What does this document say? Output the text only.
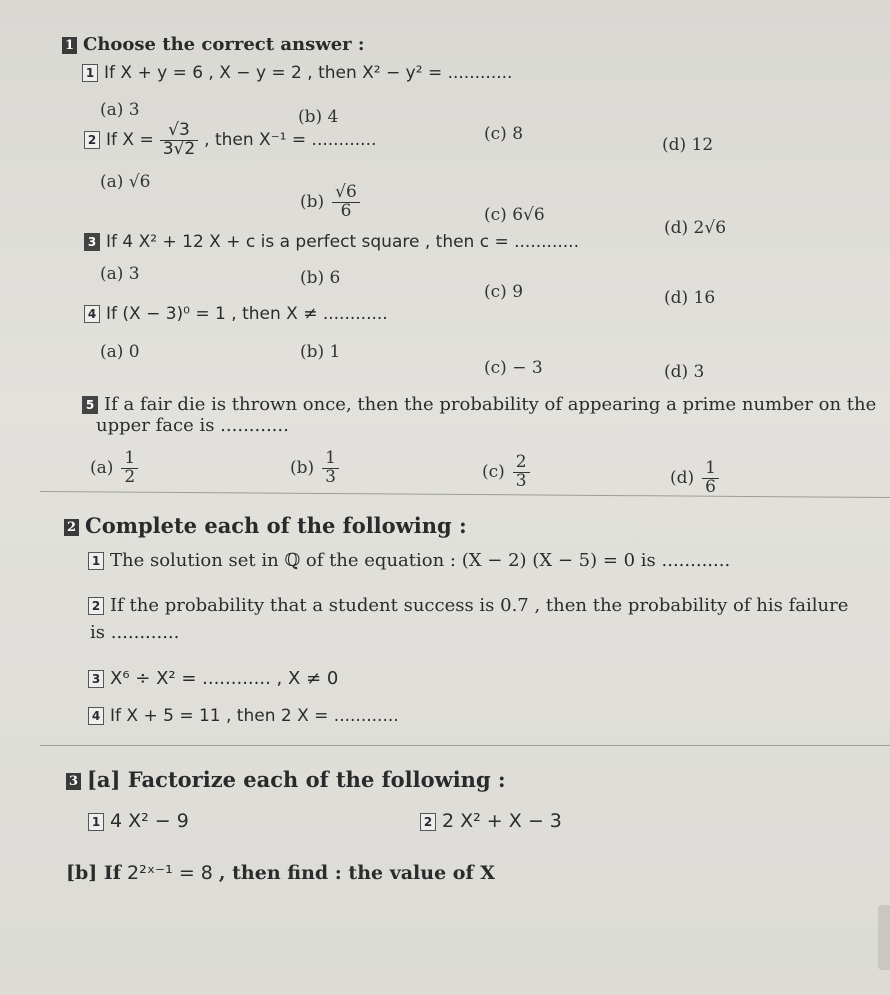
1 Choose the correct answer :
1 If X + y = 6 , X − y = 2 , then X² − y² = ............
(a) 3	(b) 4
(c) 8
(d) 12
2 If $X = \frac{√3}{3√2}$ , then X⁻¹ = ............
(a) √6
$(b) \frac{√6}{6}$	(c) 6√6
(d) 2√6
3 If 4 X² + 12 X + c is a perfect square , then c = ............
(a) 3	(b) 6
(c) 9	(d) 16
4 If (X − 3)⁰ = 1 , then X ≠ ............
(a) 0	(b) 1
(c) − 3	(d) 3
5 If a fair die is thrown once, then the probability of appearing a prime number on the
upper face is ............
$(a) \frac{1}{2}$	$(b) \frac{1}{3}$	$(c) \frac{2}{3}$	$(d) \frac{1}{6}$
2 Complete each of the following :
1 The solution set in ℚ of the equation : (X − 2) (X − 5) = 0 is ............
2 If the probability that a student success is 0.7 , then the probability of his failure
is ............
3 X⁶ ÷ X² = ............ , X ≠ 0
4 If X + 5 = 11 , then 2 X = ............
3 [a] Factorize each of the following :
1 4 X² − 9	2 2 X² + X − 3
[b] If 2²ˣ⁻¹ = 8 , then find : the value of X
